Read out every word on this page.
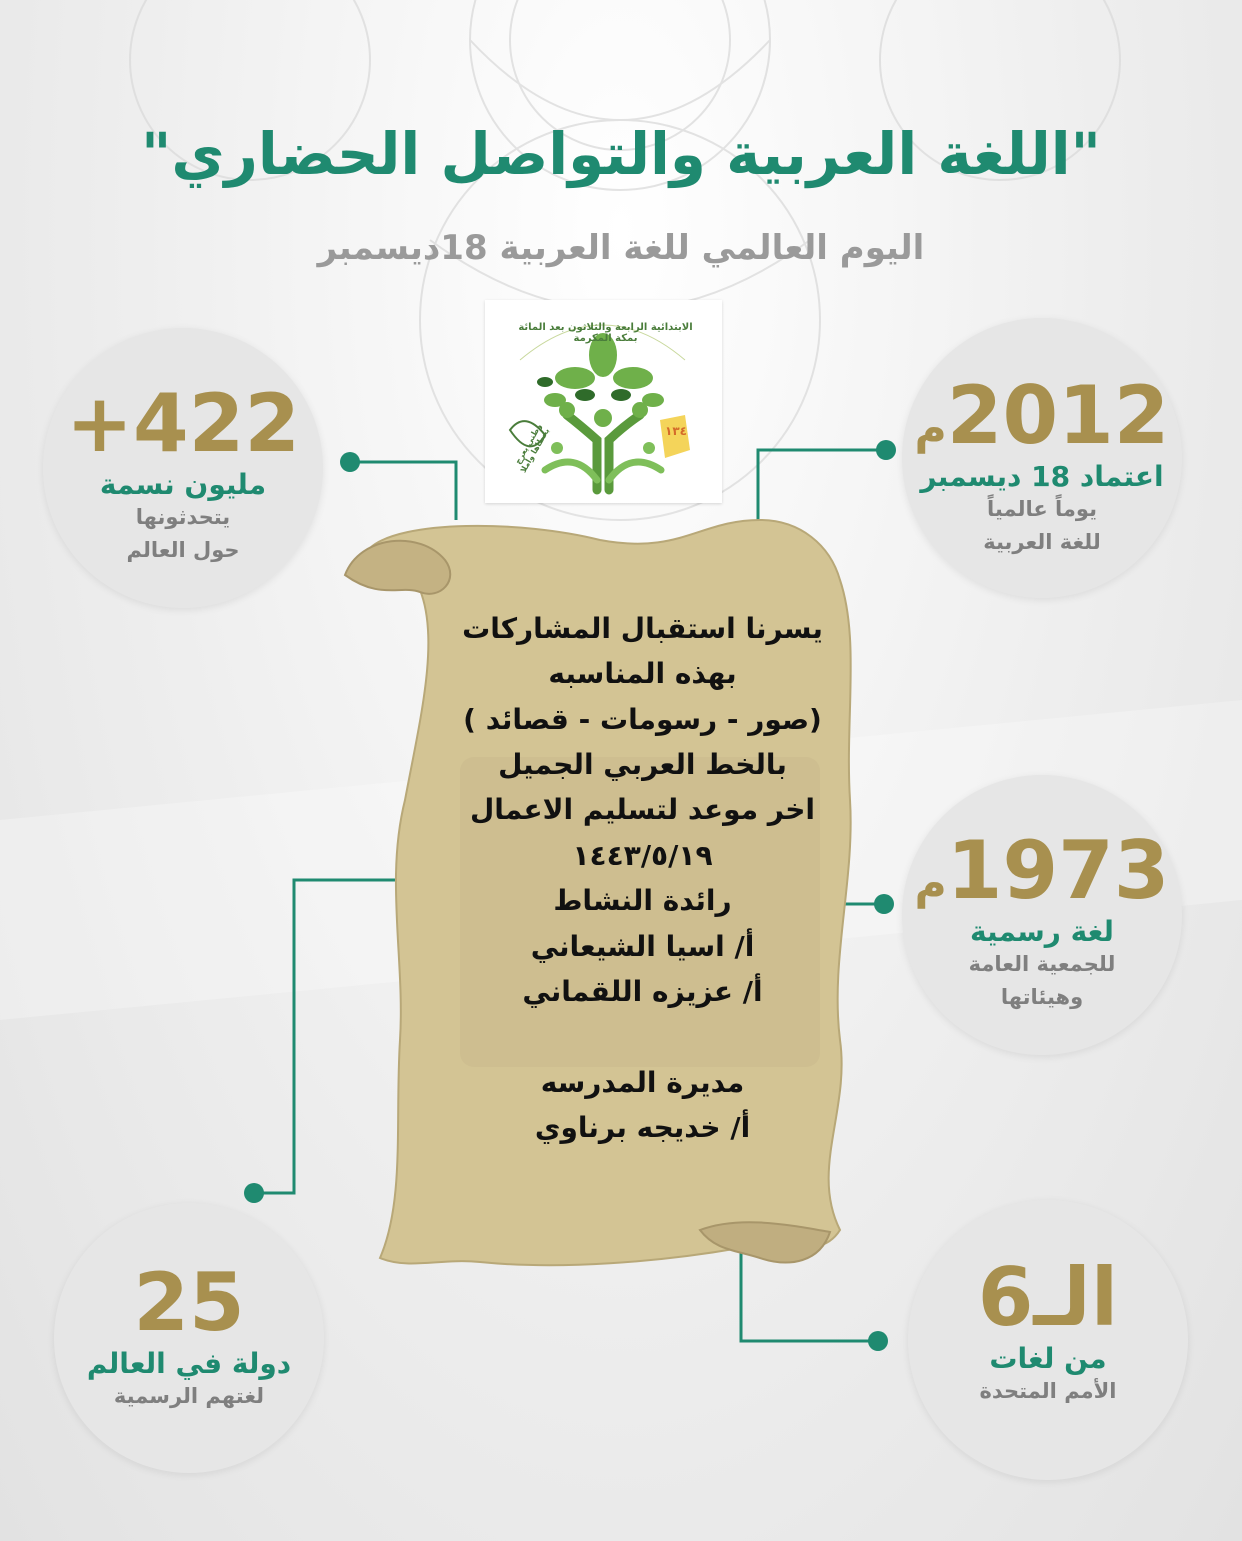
"اللغة العربية والتواصل الحضاري"
اليوم العالمي للغة العربية 18ديسمبر
الابتدائية الرابعة والثلاثون بعد المائة بمكة المكرمة
وطني يعرج بخطاها وأملا	١٣٤
+422
مليون نسمة
يتحدثونها
حول العالم
2012م
اعتماد 18 ديسمبر
يوماً عالمياً
للغة العربية
1973م
لغة رسمية
للجمعية العامة
وهيئاتها
25
دولة في العالم
لغتهم الرسمية
الـ6
من لغات
الأمم المتحدة
يسرنا استقبال المشاركات
بهذه المناسبه
(صور - رسومات - قصائد )
بالخط العربي الجميل
اخر موعد لتسليم الاعمال
١٤٤٣/٥/١٩
رائدة النشاط
أ/ اسيا الشيعاني
أ/ عزيزه اللقماني

مديرة المدرسه
أ/ خديجه برناوي
